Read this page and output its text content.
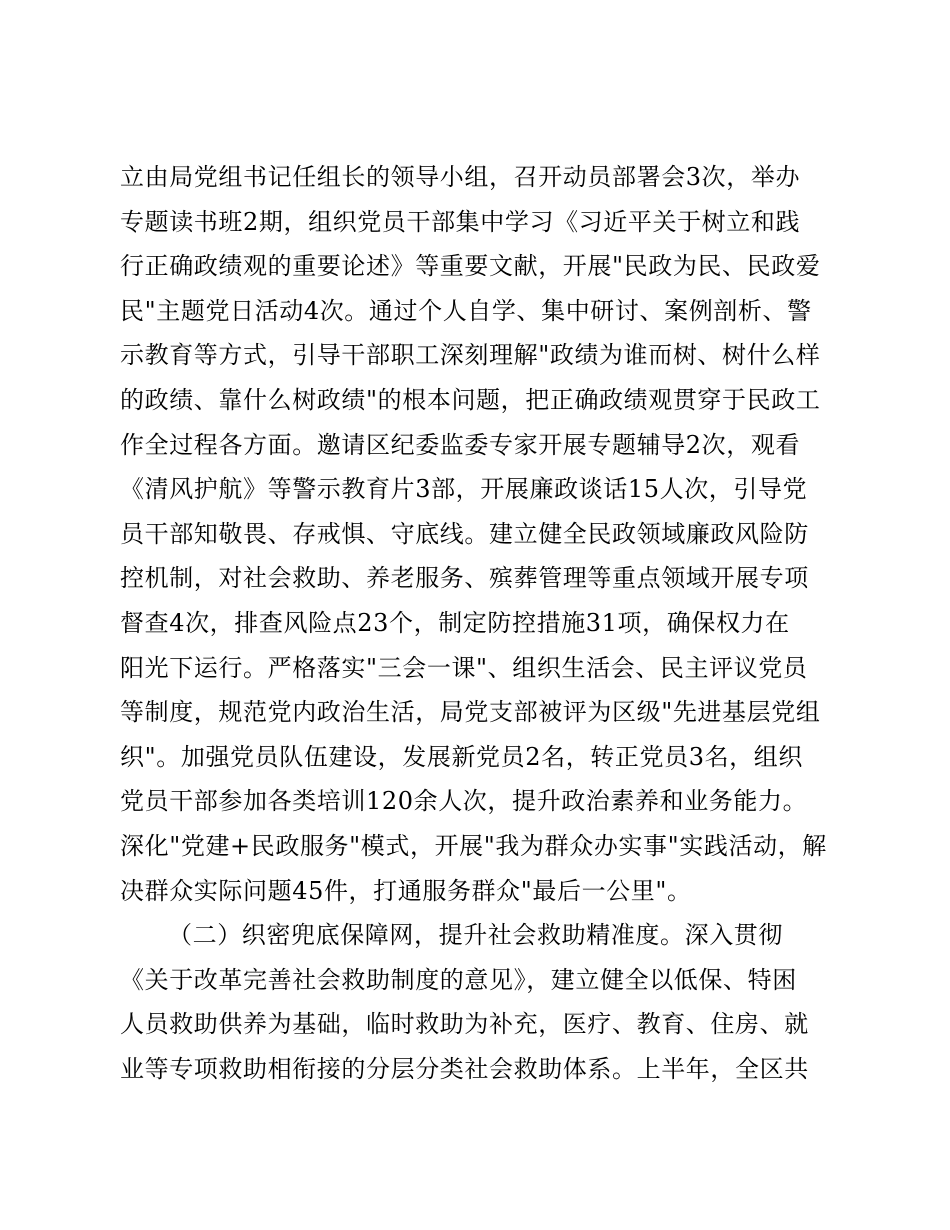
立由局党组书记任组长的领导小组，召开动员部署会3次，举办
专题读书班2期，组织党员干部集中学习《习近平关于树立和践
行正确政绩观的重要论述》等重要文献，开展"民政为民、民政爱
民"主题党日活动4次。通过个人自学、集中研讨、案例剖析、警
示教育等方式，引导干部职工深刻理解"政绩为谁而树、树什么样
的政绩、靠什么树政绩"的根本问题，把正确政绩观贯穿于民政工
作全过程各方面。邀请区纪委监委专家开展专题辅导2次，观看
《清风护航》等警示教育片3部，开展廉政谈话15人次，引导党
员干部知敬畏、存戒惧、守底线。建立健全民政领域廉政风险防
控机制，对社会救助、养老服务、殡葬管理等重点领域开展专项
督查4次，排查风险点23个，制定防控措施31项，确保权力在
阳光下运行。严格落实"三会一课"、组织生活会、民主评议党员
等制度，规范党内政治生活，局党支部被评为区级"先进基层党组
织"。加强党员队伍建设，发展新党员2名，转正党员3名，组织
党员干部参加各类培训120余人次，提升政治素养和业务能力。
深化"党建+民政服务"模式，开展"我为群众办实事"实践活动，解
决群众实际问题45件，打通服务群众"最后一公里"。
（二）织密兜底保障网，提升社会救助精准度。深入贯彻
《关于改革完善社会救助制度的意见》，建立健全以低保、特困
人员救助供养为基础，临时救助为补充，医疗、教育、住房、就
业等专项救助相衔接的分层分类社会救助体系。上半年，全区共
